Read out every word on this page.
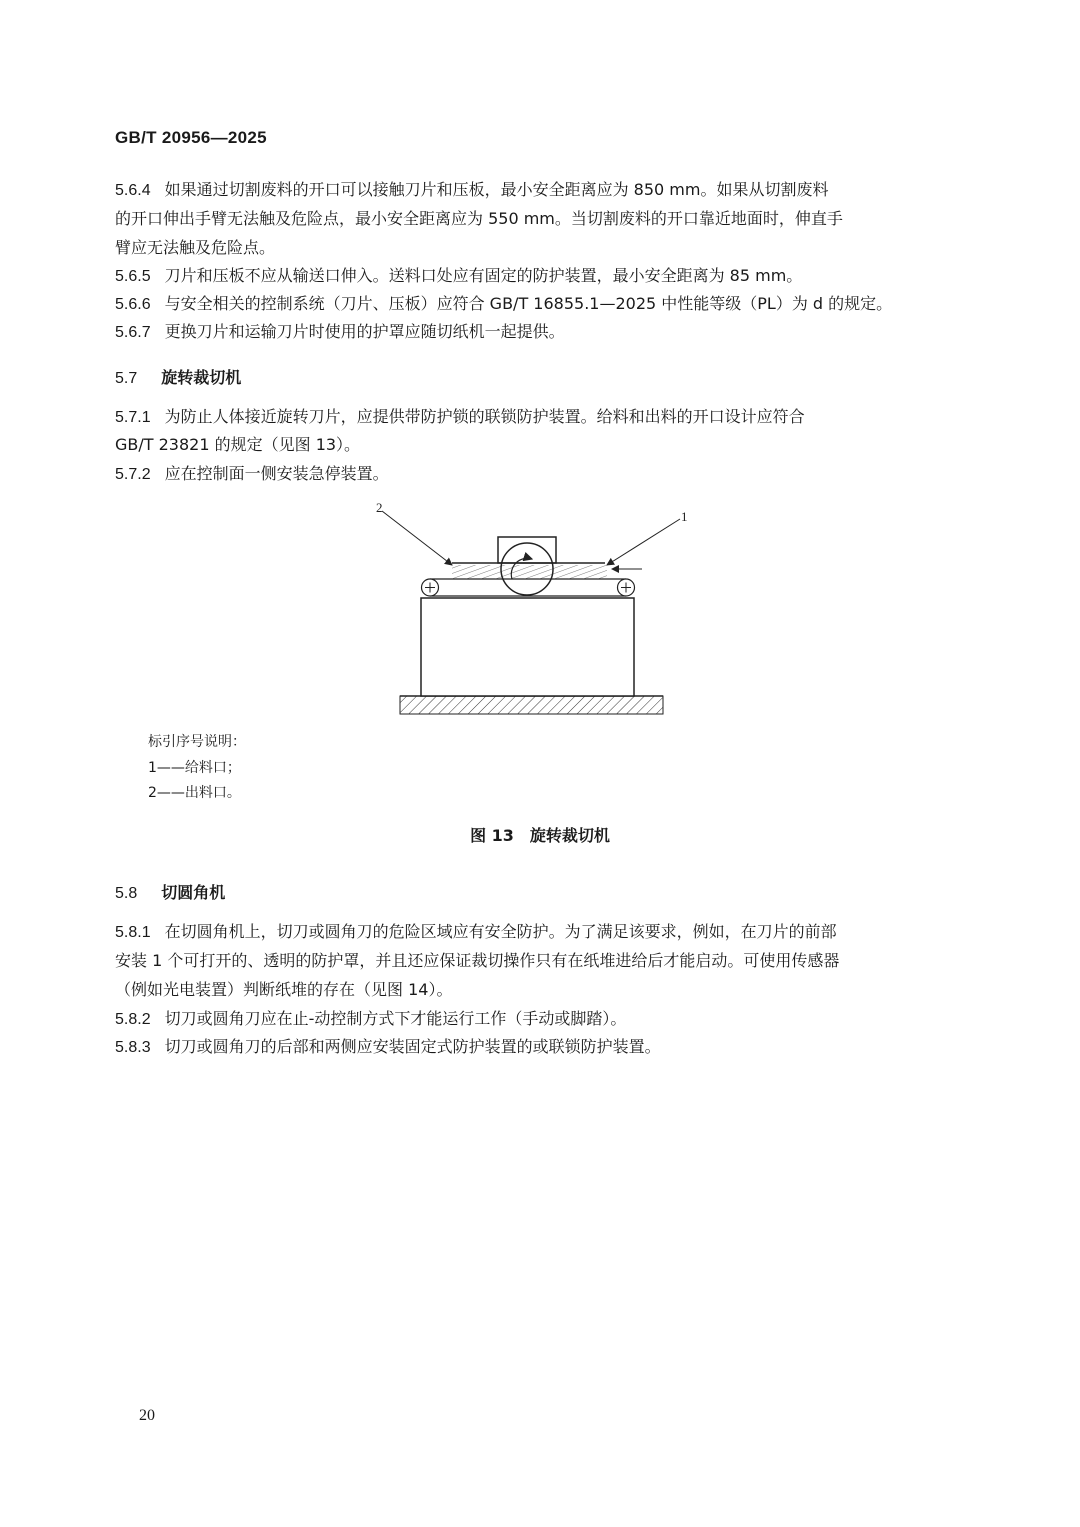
GB/T 20956—2025
5.6.4 如果通过切割废料的开口可以接触刀片和压板，最小安全距离应为 850 mm。如果从切割废料
的开口伸出手臂无法触及危险点，最小安全距离应为 550 mm。当切割废料的开口靠近地面时，伸直手
臂应无法触及危险点。
5.6.5 刀片和压板不应从输送口伸入。送料口处应有固定的防护装置，最小安全距离为 85 mm。
5.6.6 与安全相关的控制系统（刀片、压板）应符合 GB/T 16855.1—2025 中性能等级（PL）为 d 的规定。
5.6.7 更换刀片和运输刀片时使用的护罩应随切纸机一起提供。
5.7 旋转裁切机
5.7.1 为防止人体接近旋转刀片，应提供带防护锁的联锁防护装置。给料和出料的开口设计应符合
GB/T 23821 的规定（见图 13）。
5.7.2 应在控制面一侧安装急停装置。
2
1
标引序号说明：
1——给料口；
2——出料口。
图 13　旋转裁切机
5.8 切圆角机
5.8.1 在切圆角机上，切刀或圆角刀的危险区域应有安全防护。为了满足该要求，例如，在刀片的前部
安装 1 个可打开的、透明的防护罩，并且还应保证裁切操作只有在纸堆进给后才能启动。可使用传感器
（例如光电装置）判断纸堆的存在（见图 14）。
5.8.2 切刀或圆角刀应在止-动控制方式下才能运行工作（手动或脚踏）。
5.8.3 切刀或圆角刀的后部和两侧应安装固定式防护装置的或联锁防护装置。
20
